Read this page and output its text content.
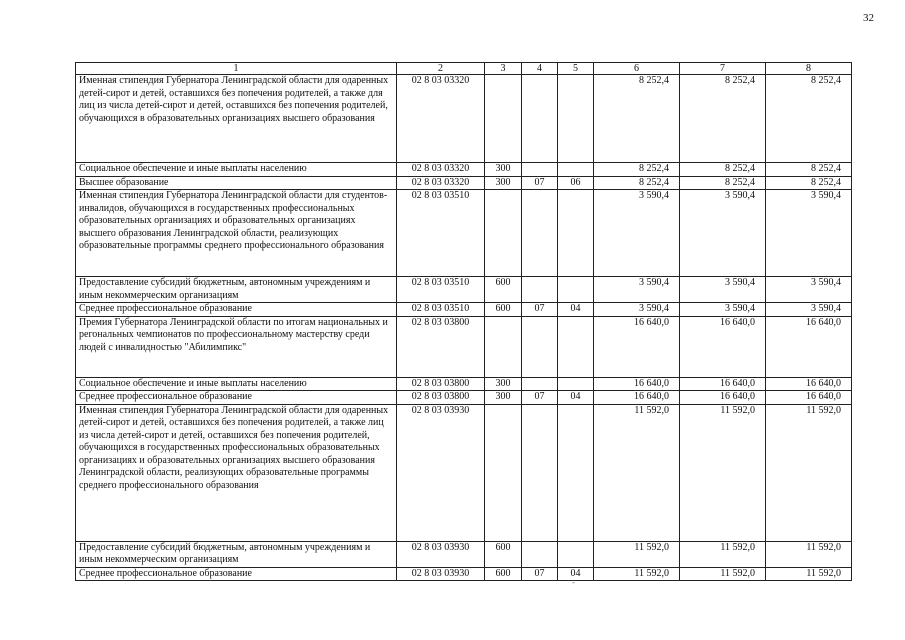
32
1	2	3	4	5	6	7	8
Именная стипендия Губернатора Ленинградской области для одаренных детей-сирот и детей, оставшихся без попечения родителей, а также для лиц из числа детей-сирот и детей, оставшихся без попечения родителей, обучающихся в образовательных организациях высшего образования	02 8 03 03320				8 252,4	8 252,4	8 252,4
Социальное обеспечение и иные выплаты населению	02 8 03 03320	300			8 252,4	8 252,4	8 252,4
Высшее образование	02 8 03 03320	300	07	06	8 252,4	8 252,4	8 252,4
Именная стипендия Губернатора Ленинградской области для студентов-инвалидов, обучающихся в государственных профессиональных образовательных организациях и образовательных организациях высшего образования Ленинградской области, реализующих образовательные программы среднего профессионального образования	02 8 03 03510				3 590,4	3 590,4	3 590,4
Предоставление субсидий бюджетным, автономным учреждениям и иным некоммерческим организациям	02 8 03 03510	600			3 590,4	3 590,4	3 590,4
Среднее профессиональное образование	02 8 03 03510	600	07	04	3 590,4	3 590,4	3 590,4
Премия Губернатора Ленинградской области по итогам национальных и регональных чемпионатов по профессиональному мастерству среди людей с инвалидностью "Абилимпикс"	02 8 03 03800				16 640,0	16 640,0	16 640,0
Социальное обеспечение и иные выплаты населению	02 8 03 03800	300			16 640,0	16 640,0	16 640,0
Среднее профессиональное образование	02 8 03 03800	300	07	04	16 640,0	16 640,0	16 640,0
Именная стипендия Губернатора Ленинградской области для одаренных детей-сирот и детей, оставшихся без попечения родителей, а также лиц из числа детей-сирот и детей, оставшихся без попечения родителей, обучающихся в государственных профессиональных образовательных организациях и образовательных организациях высшего образования Ленинградской области, реализующих образовательные программы среднего профессионального образования	02 8 03 03930				11 592,0	11 592,0	11 592,0
Предоставление субсидий бюджетным, автономным учреждениям и иным некоммерческим организациям	02 8 03 03930	600			11 592,0	11 592,0	11 592,0
Среднее профессиональное образование	02 8 03 03930	600	07	04	11 592,0	11 592,0	11 592,0
-
